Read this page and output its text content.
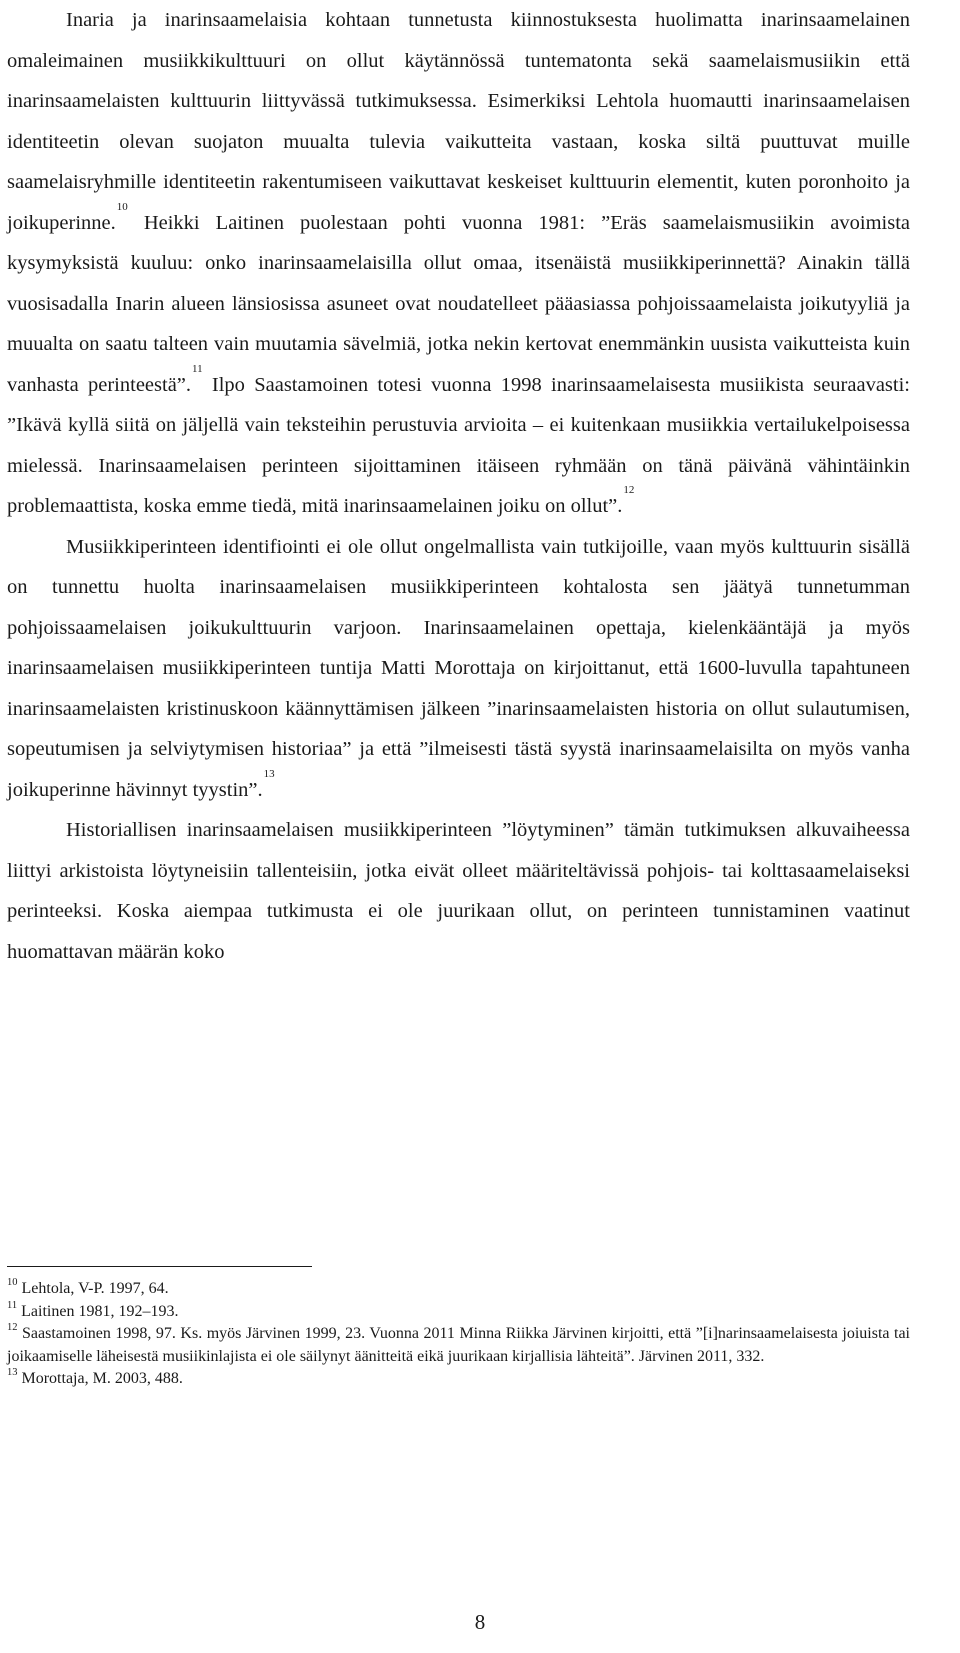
Inaria ja inarinsaamelaisia kohtaan tunnetusta kiinnostuksesta huolimatta inarinsaamelainen omaleimainen musiikkikulttuuri on ollut käytännössä tuntematonta sekä saamelaismusiikin että inarinsaamelaisten kulttuurin liittyvässä tutkimuksessa. Esimerkiksi Lehtola huomautti inarinsaamelaisen identiteetin olevan suojaton muualta tulevia vaikutteita vastaan, koska siltä puuttuvat muille saamelaisryhmille identiteetin rakentumiseen vaikuttavat keskeiset kulttuurin elementit, kuten poronhoito ja joikuperinne.$^{10}$ Heikki Laitinen puolestaan pohti vuonna 1981: ”Eräs saamelaismusiikin avoimista kysymyksistä kuuluu: onko inarinsaamelaisilla ollut omaa, itsenäistä musiikkiperinnettä? Ainakin tällä vuosisadalla Inarin alueen länsiosissa asuneet ovat noudatelleet pääasiassa pohjoissaamelaista joikutyyliä ja muualta on saatu talteen vain muutamia sävelmiä, jotka nekin kertovat enemmänkin uusista vaikutteista kuin vanhasta perinteestä”.$^{11}$ Ilpo Saastamoinen totesi vuonna 1998 inarinsaamelaisesta musiikista seuraavasti: ”Ikävä kyllä siitä on jäljellä vain teksteihin perustuvia arvioita – ei kuitenkaan musiikkia vertailukelpoisessa mielessä. Inarinsaamelaisen perinteen sijoittaminen itäiseen ryhmään on tänä päivänä vähintäinkin problemaattista, koska emme tiedä, mitä inarinsaamelainen joiku on ollut”.$^{12}$

Musiikkiperinteen identifiointi ei ole ollut ongelmallista vain tutkijoille, vaan myös kulttuurin sisällä on tunnettu huolta inarinsaamelaisen musiikkiperinteen kohtalosta sen jäätyä tunnetumman pohjoissaamelaisen joikukulttuurin varjoon. Inarinsaamelainen opettaja, kielenkääntäjä ja myös inarinsaamelaisen musiikkiperinteen tuntija Matti Morottaja on kirjoittanut, että 1600-luvulla tapahtuneen inarinsaamelaisten kristinuskoon käännyttämisen jälkeen ”inarinsaamelaisten historia on ollut sulautumisen, sopeutumisen ja selviytymisen historiaa” ja että ”ilmeisesti tästä syystä inarinsaamelaisilta on myös vanha joikuperinne hävinnyt tyystin”.$^{13}$

Historiallisen inarinsaamelaisen musiikkiperinteen ”löytyminen” tämän tutkimuksen alkuvaiheessa liittyi arkistoista löytyneisiin tallenteisiin, jotka eivät olleet määriteltävissä pohjois- tai kolttasaamelaiseksi perinteeksi. Koska aiempaa tutkimusta ei ole juurikaan ollut, on perinteen tunnistaminen vaatinut huomattavan määrän koko

$^{10}$ Lehtola, V-P. 1997, 64.

$^{11}$ Laitinen 1981, 192–193.

$^{12}$ Saastamoinen 1998, 97. Ks. myös Järvinen 1999, 23. Vuonna 2011 Minna Riikka Järvinen kirjoitti, että ”[i]narinsaamelaisesta joiuista tai joikaamiselle läheisestä musiikinlajista ei ole säilynyt äänitteitä eikä juurikaan kirjallisia lähteitä”. Järvinen 2011, 332.

$^{13}$ Morottaja, M. 2003, 488.

8
